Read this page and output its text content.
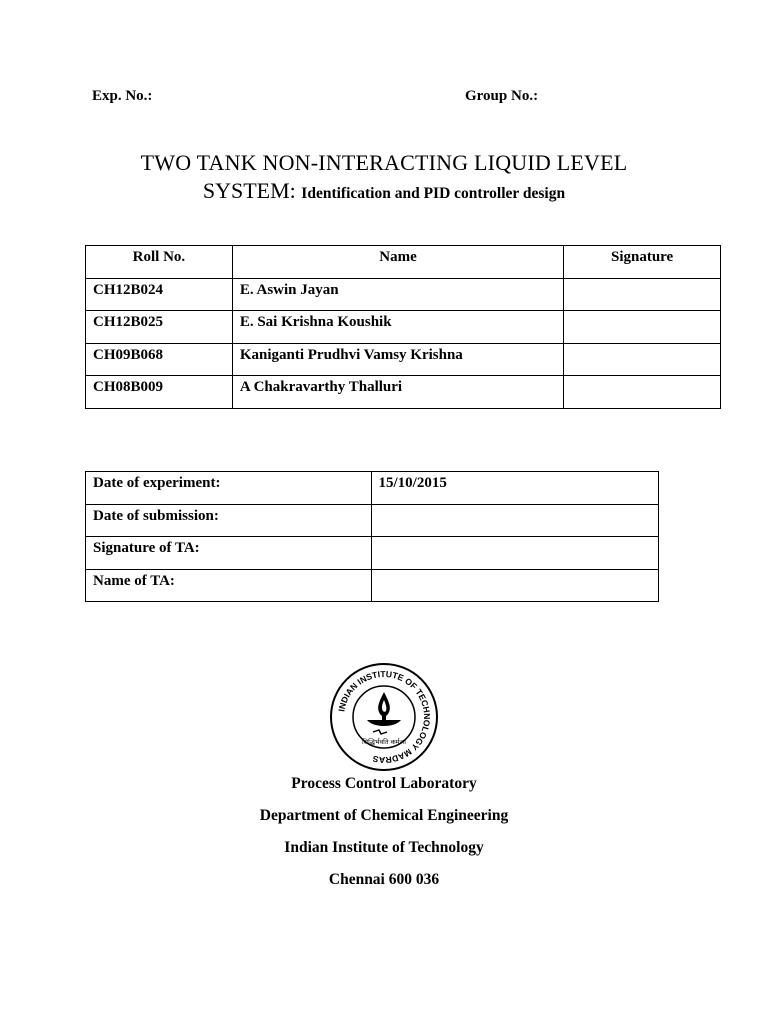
Exp. No.:	Group No.:
TWO TANK NON-INTERACTING LIQUID LEVEL
SYSTEM: Identification and PID controller design
Roll No.	Name	Signature
CH12B024	E. Aswin Jayan	
CH12B025	E. Sai Krishna Koushik	
CH09B068	Kaniganti Prudhvi Vamsy Krishna	
CH08B009	A Chakravarthy Thalluri	
Date of experiment:	15/10/2015
Date of submission:	
Signature of TA:	
Name of TA:	
INDIAN INSTITUTE OF TECHNOLOGY MADRAS
सिद्धिर्भवति कर्मजा
Process Control Laboratory
Department of Chemical Engineering
Indian Institute of Technology
Chennai 600 036
